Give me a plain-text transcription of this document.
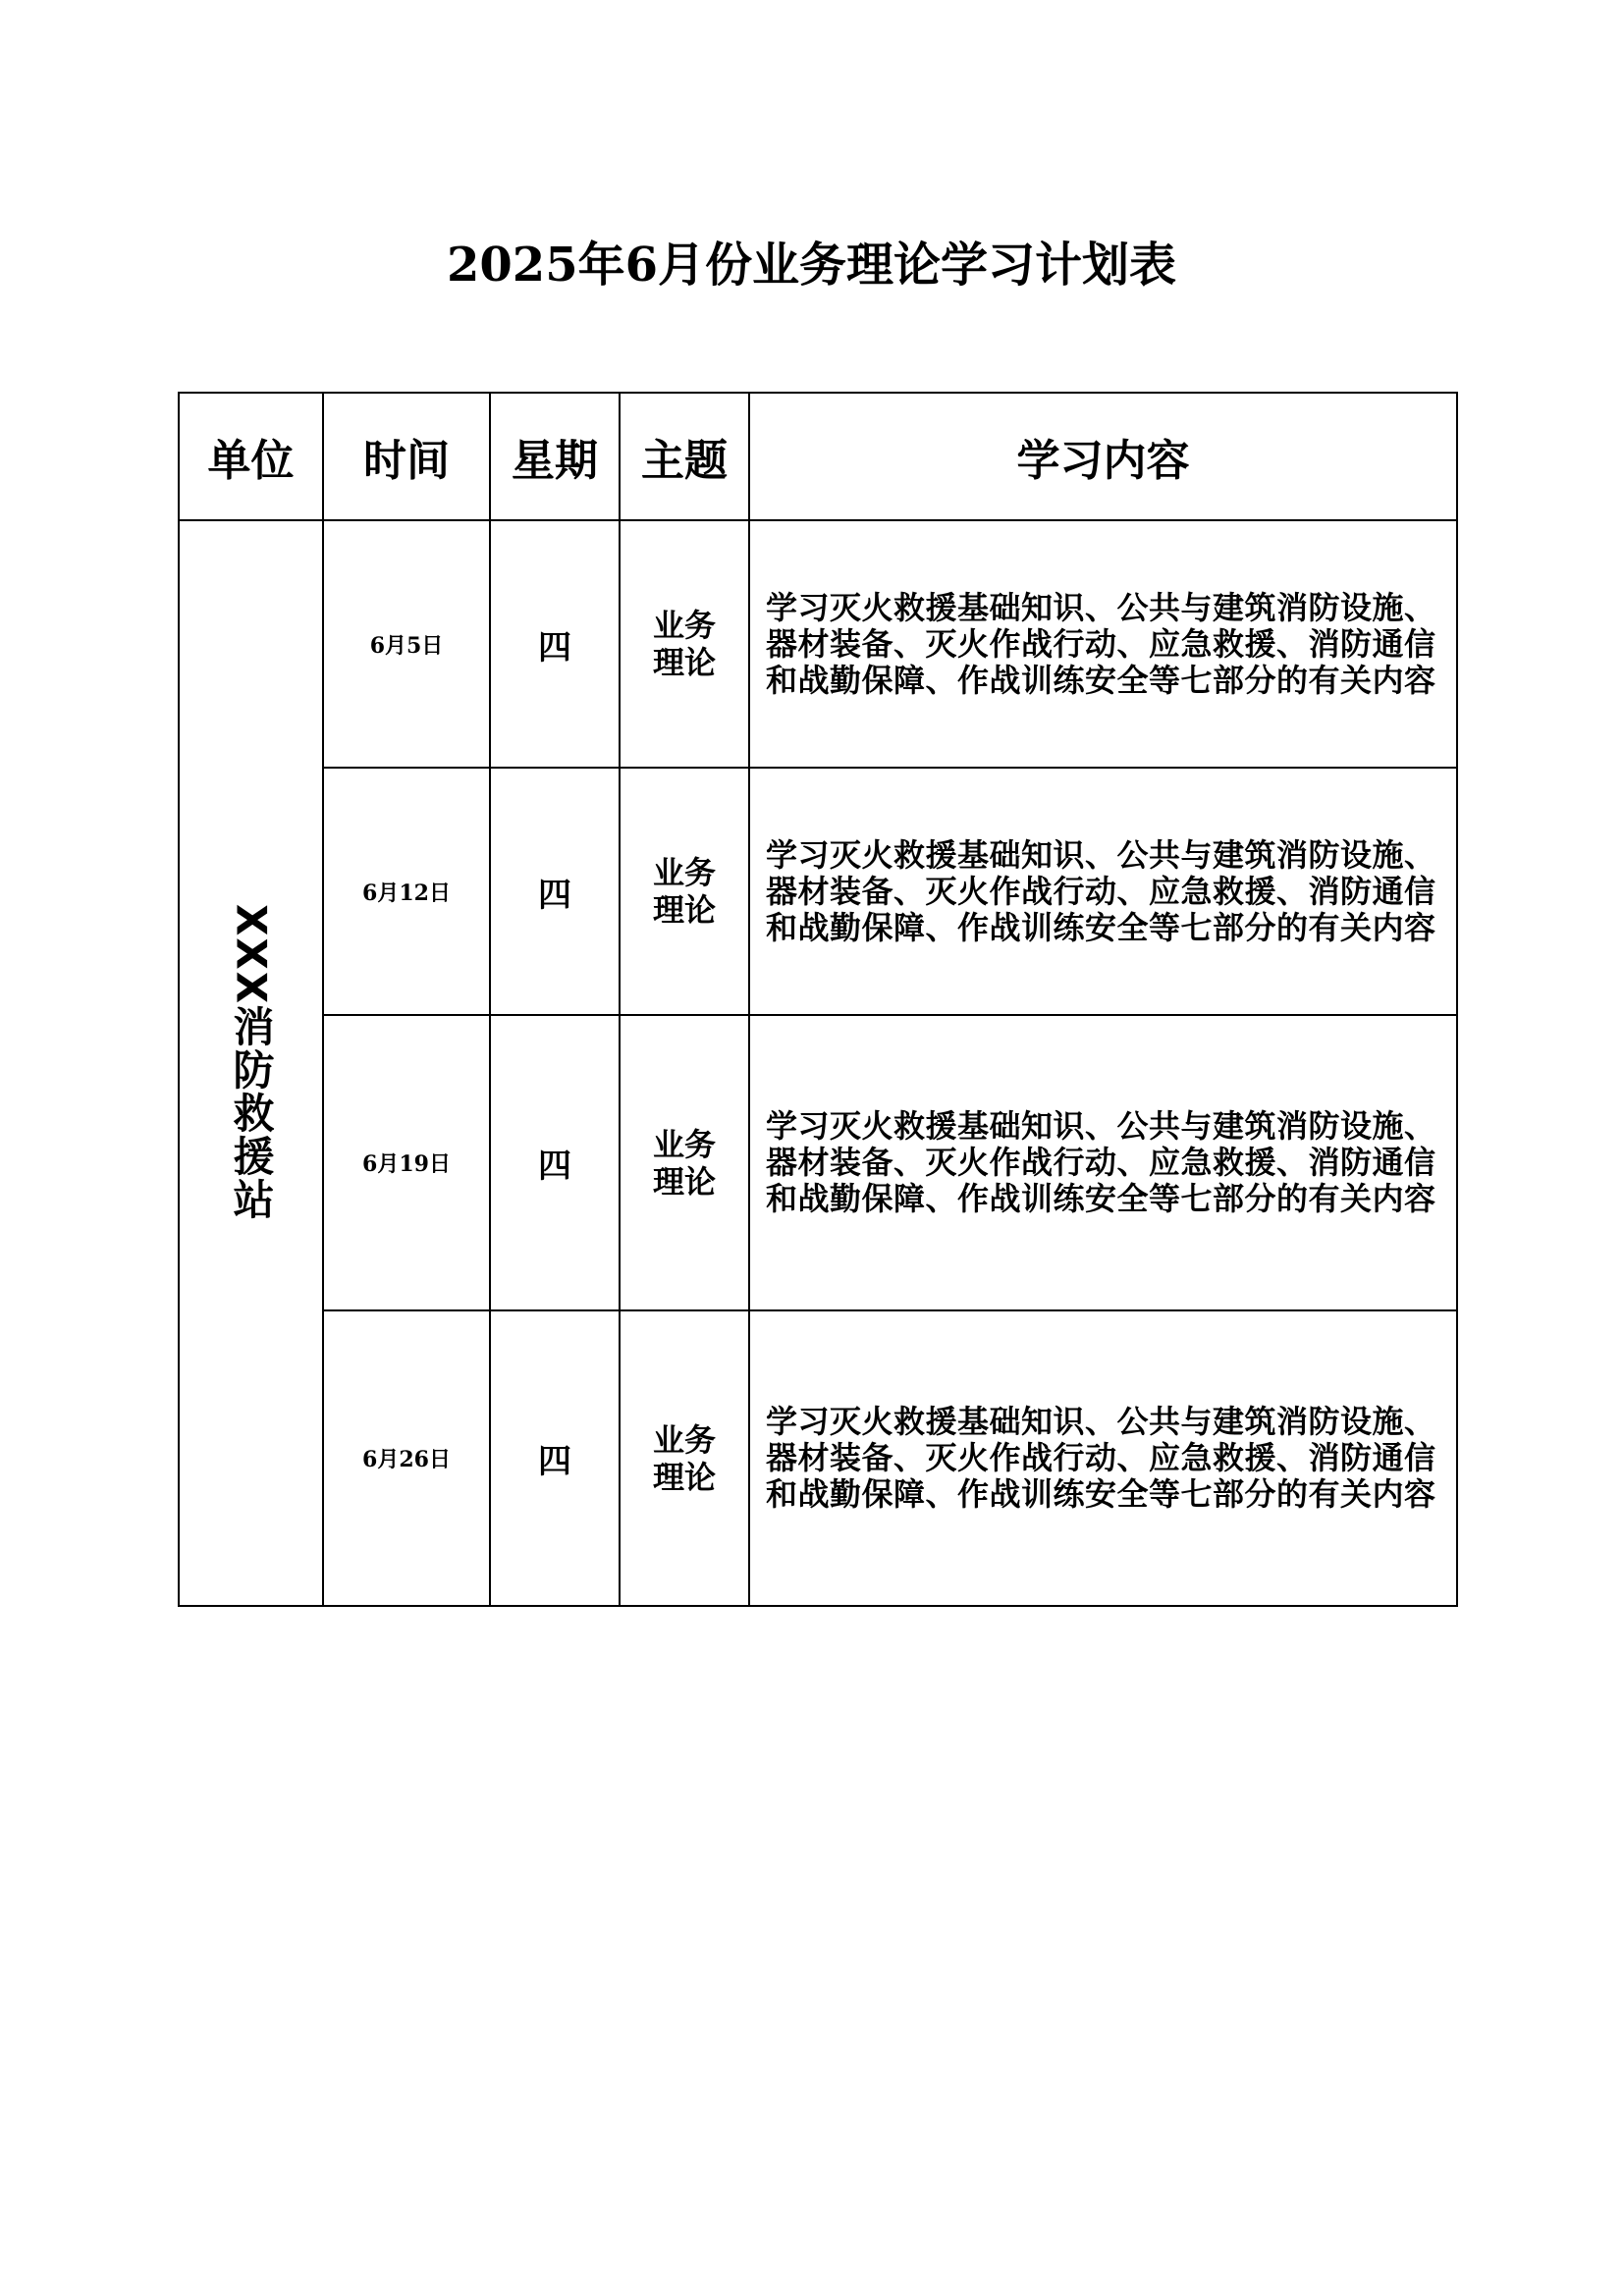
2025年6月份业务理论学习计划表
单位	时间	星期	主题	学习内容

XXX消防救援站	6月5日	四	业务理论	学习灭火救援基础知识、公共与建筑消防设施、器材装备、灭火作战行动、应急救援、消防通信和战勤保障、作战训练安全等七部分的有关内容
	6月12日	四	业务理论	学习灭火救援基础知识、公共与建筑消防设施、器材装备、灭火作战行动、应急救援、消防通信和战勤保障、作战训练安全等七部分的有关内容
	6月19日	四	业务理论	学习灭火救援基础知识、公共与建筑消防设施、器材装备、灭火作战行动、应急救援、消防通信和战勤保障、作战训练安全等七部分的有关内容
	6月26日	四	业务理论	学习灭火救援基础知识、公共与建筑消防设施、器材装备、灭火作战行动、应急救援、消防通信和战勤保障、作战训练安全等七部分的有关内容
